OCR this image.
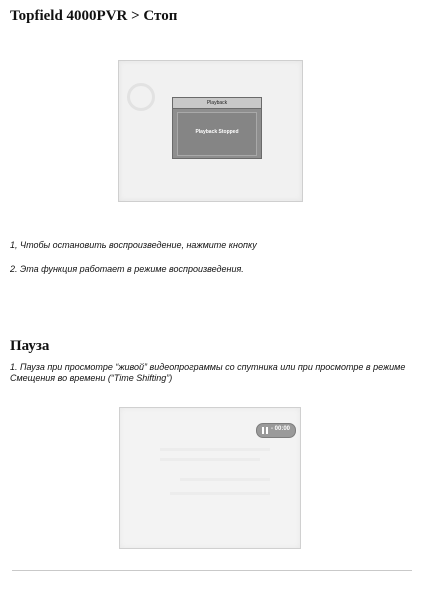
Topfield 4000PVR > Стоп
Playback
Playback Stopped

1, Чтобы остановить воспроизведение, нажмите кнопку

2. Эта функция работает в режиме воспроизведения.

Пауза

1. Пауза при просмотре “живой” видеопрограммы со спутника или при просмотре в режиме Смещения во времени (“Time Shifting”)

- 00:00
